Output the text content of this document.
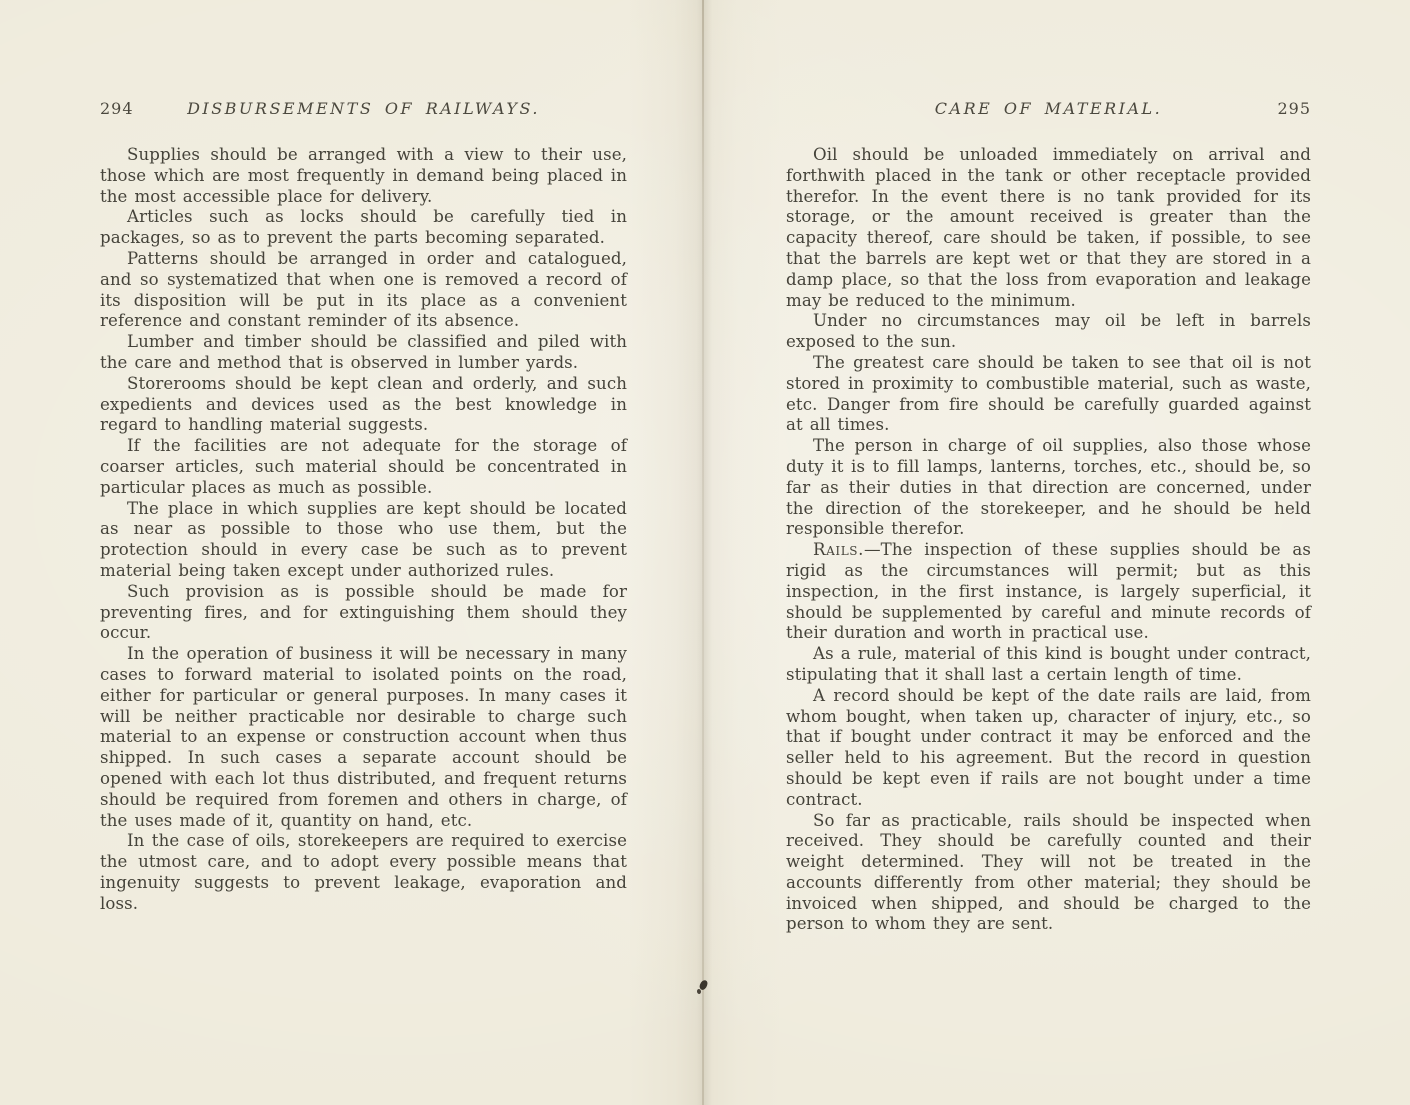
294	DISBURSEMENTS OF RAILWAYS.

Supplies should be arranged with a view to their use, those which are most frequently in demand being placed in the most accessible place for delivery.

Articles such as locks should be carefully tied in packages, so as to prevent the parts becoming separated.

Patterns should be arranged in order and catalogued, and so systematized that when one is removed a record of its disposition will be put in its place as a convenient reference and constant reminder of its absence.

Lumber and timber should be classified and piled with the care and method that is observed in lumber yards.

Storerooms should be kept clean and orderly, and such expedients and devices used as the best knowledge in regard to handling material suggests.

If the facilities are not adequate for the storage of coarser articles, such material should be concentrated in particular places as much as possible.

The place in which supplies are kept should be located as near as possible to those who use them, but the protection should in every case be such as to prevent material being taken except under authorized rules.

Such provision as is possible should be made for preventing fires, and for extinguishing them should they occur.

In the operation of business it will be necessary in many cases to forward material to isolated points on the road, either for particular or general purposes. In many cases it will be neither practicable nor desirable to charge such material to an expense or construction account when thus shipped. In such cases a separate account should be opened with each lot thus distributed, and frequent returns should be required from foremen and others in charge, of the uses made of it, quantity on hand, etc.

In the case of oils, storekeepers are required to exercise the utmost care, and to adopt every possible means that ingenuity suggests to prevent leakage, evaporation and loss.

CARE OF MATERIAL.	295

Oil should be unloaded immediately on arrival and forthwith placed in the tank or other receptacle provided therefor. In the event there is no tank provided for its storage, or the amount received is greater than the capacity thereof, care should be taken, if possible, to see that the barrels are kept wet or that they are stored in a damp place, so that the loss from evaporation and leakage may be reduced to the minimum.

Under no circumstances may oil be left in barrels exposed to the sun.

The greatest care should be taken to see that oil is not stored in proximity to combustible material, such as waste, etc. Danger from fire should be carefully guarded against at all times.

The person in charge of oil supplies, also those whose duty it is to fill lamps, lanterns, torches, etc., should be, so far as their duties in that direction are concerned, under the direction of the storekeeper, and he should be held responsible therefor.

Rails.—The inspection of these supplies should be as rigid as the circumstances will permit; but as this inspection, in the first instance, is largely superficial, it should be supplemented by careful and minute records of their duration and worth in practical use.

As a rule, material of this kind is bought under contract, stipulating that it shall last a certain length of time.

A record should be kept of the date rails are laid, from whom bought, when taken up, character of injury, etc., so that if bought under contract it may be enforced and the seller held to his agreement. But the record in question should be kept even if rails are not bought under a time contract.

So far as practicable, rails should be inspected when received. They should be carefully counted and their weight determined. They will not be treated in the accounts differently from other material; they should be invoiced when shipped, and should be charged to the person to whom they are sent.
